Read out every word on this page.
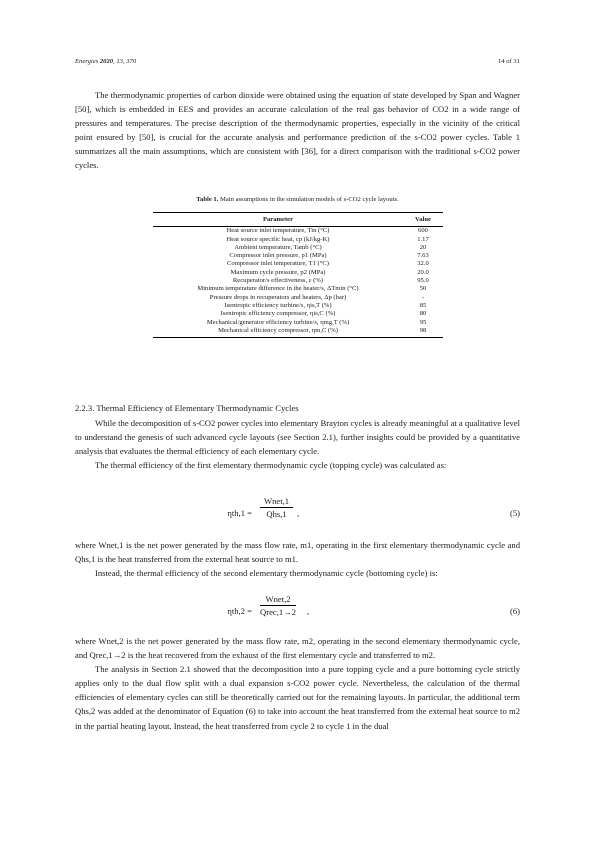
Energies 2020, 13, 370	14 of 31

The thermodynamic properties of carbon dioxide were obtained using the equation of state developed by Span and Wagner [50], which is embedded in EES and provides an accurate calculation of the real gas behavior of CO2 in a wide range of pressures and temperatures. The precise description of the thermodynamic properties, especially in the vicinity of the critical point ensured by [50], is crucial for the accurate analysis and performance prediction of the s-CO2 power cycles. Table 1 summarizes all the main assumptions, which are consistent with [36], for a direct comparison with the traditional s-CO2 power cycles.

Table 1. Main assumptions in the simulation models of s-CO2 cycle layouts.
Parameter	Value
Heat source inlet temperature, Tin (°C)	600
Heat source specific heat, cp (kJ/kg-K)	1.17
Ambient temperature, Tamb (°C)	20
Compressor inlet pressure, p1 (MPa)	7.63
Compressor inlet temperature, T1 (°C)	32.0
Maximum cycle pressure, p2 (MPa)	20.0
Recuperator/s effectiveness, ε (%)	95.0
Minimum temperature difference in the heater/s, ΔTmin (°C)	50
Pressure drops in recuperators and heaters, Δp (bar)	-
Isentropic efficiency turbine/s, ηis,T (%)	85
Isentropic efficiency compressor, ηis,C (%)	80
Mechanical/generator efficiency turbine/s, ηmg,T (%)	95
Mechanical efficiency compressor, ηm,C (%)	98
2.2.3. Thermal Efficiency of Elementary Thermodynamic Cycles

While the decomposition of s-CO2 power cycles into elementary Brayton cycles is already meaningful at a qualitative level to understand the genesis of such advanced cycle layouts (see Section 2.1), further insights could be provided by a quantitative analysis that evaluates the thermal efficiency of each elementary cycle.

The thermal efficiency of the first elementary thermodynamic cycle (topping cycle) was calculated as:

ηth,1 =
Wnet,1
Qhs,1	,	(5)

where Wnet,1 is the net power generated by the mass flow rate, m1, operating in the first elementary thermodynamic cycle and Qhs,1 is the heat transferred from the external heat source to m1.

Instead, the thermal efficiency of the second elementary thermodynamic cycle (bottoming cycle) is:

ηth,2 =
Wnet,2
Qrec,1→2 ,	(6)

where Wnet,2 is the net power generated by the mass flow rate, m2, operating in the second elementary thermodynamic cycle, and Qrec,1→2 is the heat recovered from the exhaust of the first elementary cycle and transferred to m2.

The analysis in Section 2.1 showed that the decomposition into a pure topping cycle and a pure bottoming cycle strictly applies only to the dual flow split with a dual expansion s-CO2 power cycle. Nevertheless, the calculation of the thermal efficiencies of elementary cycles can still be theoretically carried out for the remaining layouts. In particular, the additional term Qhs,2 was added at the denominator of Equation (6) to take into account the heat transferred from the external heat source to m2 in the partial heating layout. Instead, the heat transferred from cycle 2 to cycle 1 in the dual
